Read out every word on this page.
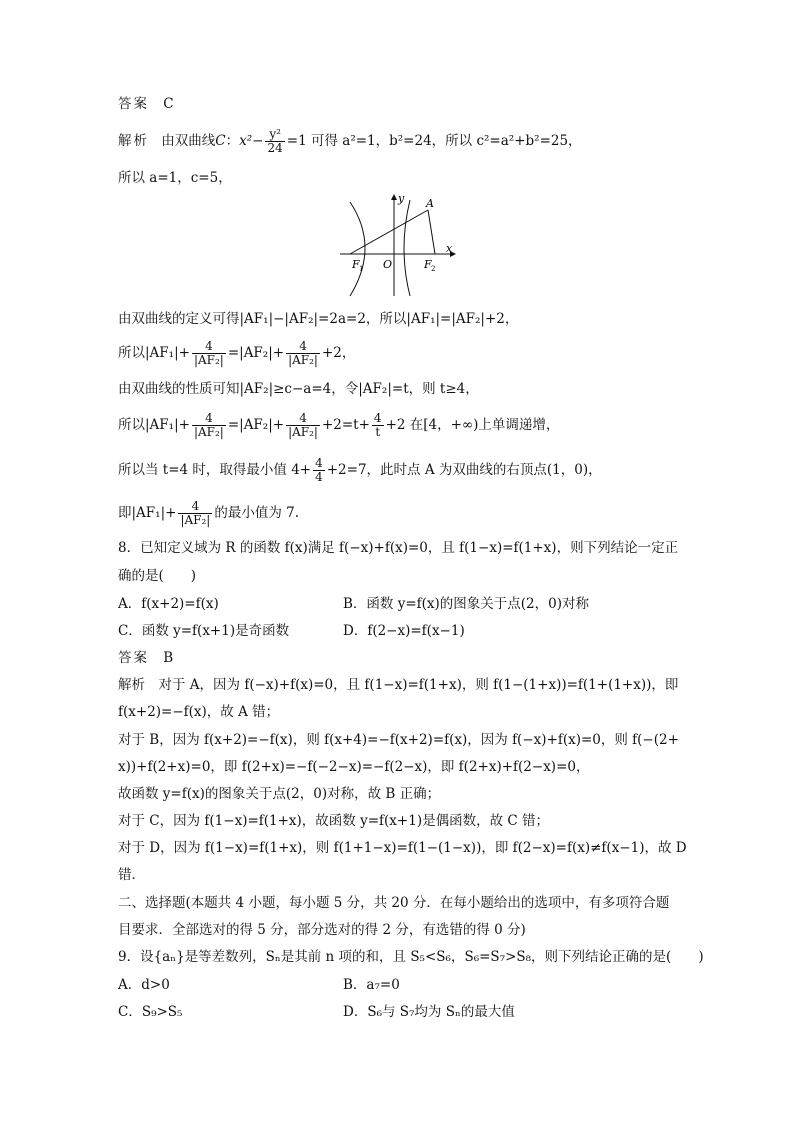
答案 C
解析 由双曲线C：$x^2- \frac{\text{y²}}{24} =1$ 可得 a²=1，b²=24，所以 c²=a²+b²=25，
所以 a=1，c=5，
y A
x
F 1 O	F 2
由双曲线的定义可得|AF₁|−|AF₂|=2a=2，所以|AF₁|=|AF₂|+2，
所以$|AF_1|+ \frac{4}{\text{|AF₂|}} =|AF_2|+ \frac{4}{\text{|AF₂|}} +2$，
由双曲线的性质可知|AF₂|≥c−a=4，令|AF₂|=t，则 t≥4，
所以$|AF_1|+ \frac{4}{\text{|AF₂|}} =|AF_2|+ \frac{4}{\text{|AF₂|}} +2=t+ \frac{4}{t} +2$ 在[4，+∞)上单调递增，
所以当 t=4 时，取得最小值 $4+ \frac{4}{4} +2=7$，此时点 A 为双曲线的右顶点(1，0)，
即$|AF_1|+ \frac{4}{\text{|AF₂|}}$ 的最小值为 7.
8．已知定义域为 R 的函数 f(x)满足 f(−x)+f(x)=0，且 f(1−x)=f(1+x)，则下列结论一定正
确的是(　　)
A．f(x+2)=f(x)	B．函数 y=f(x)的图象关于点(2，0)对称
C．函数 y=f(x+1)是奇函数	D．f(2−x)=f(x−1)
答案 B
解析　对于 A，因为 f(−x)+f(x)=0，且 f(1−x)=f(1+x)，则 f(1−(1+x))=f(1+(1+x))，即
f(x+2)=−f(x)，故 A 错；
对于 B，因为 f(x+2)=−f(x)，则 f(x+4)=−f(x+2)=f(x)，因为 f(−x)+f(x)=0，则 f(−(2+
x))+f(2+x)=0，即 f(2+x)=−f(−2−x)=−f(2−x)，即 f(2+x)+f(2−x)=0，
故函数 y=f(x)的图象关于点(2，0)对称，故 B 正确；
对于 C，因为 f(1−x)=f(1+x)，故函数 y=f(x+1)是偶函数，故 C 错；
对于 D，因为 f(1−x)=f(1+x)，则 f(1+1−x)=f(1−(1−x))，即 f(2−x)=f(x)≠f(x−1)，故 D
错．
二、选择题(本题共 4 小题，每小题 5 分，共 20 分．在每小题给出的选项中，有多项符合题
目要求．全部选对的得 5 分，部分选对的得 2 分，有选错的得 0 分)
9．设{aₙ}是等差数列，Sₙ是其前 n 项的和，且 S₅<S₆，S₆=S₇>S₈，则下列结论正确的是(　　)
A．d>0	B．a₇=0
C．S₉>S₅	D．S₆与 S₇均为 Sₙ的最大值
